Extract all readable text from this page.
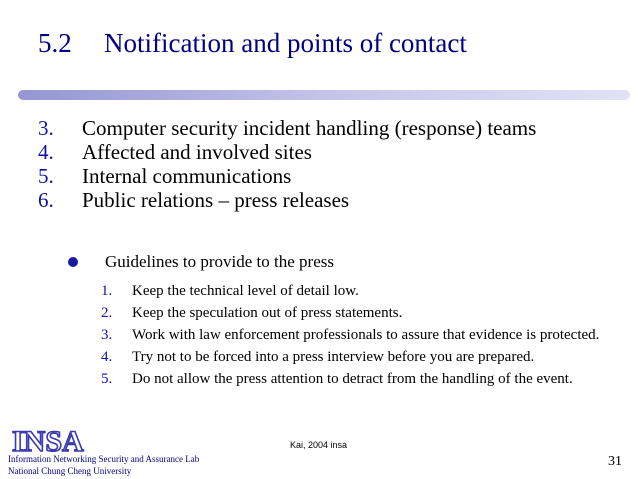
5.2 Notification and points of contact
3. Computer security incident handling (response) teams
4. Affected and involved sites
5. Internal communications
6. Public relations – press releases
Guidelines to provide to the press
1. Keep the technical level of detail low.
2. Keep the speculation out of press statements.
3. Work with law enforcement professionals to assure that evidence is protected.
4. Try not to be forced into a press interview before you are prepared.
5. Do not allow the press attention to detract from the handling of the event.
Kai, 2004 insa
INSA
Information Networking Security and Assurance Lab
National Chung Cheng University
31
